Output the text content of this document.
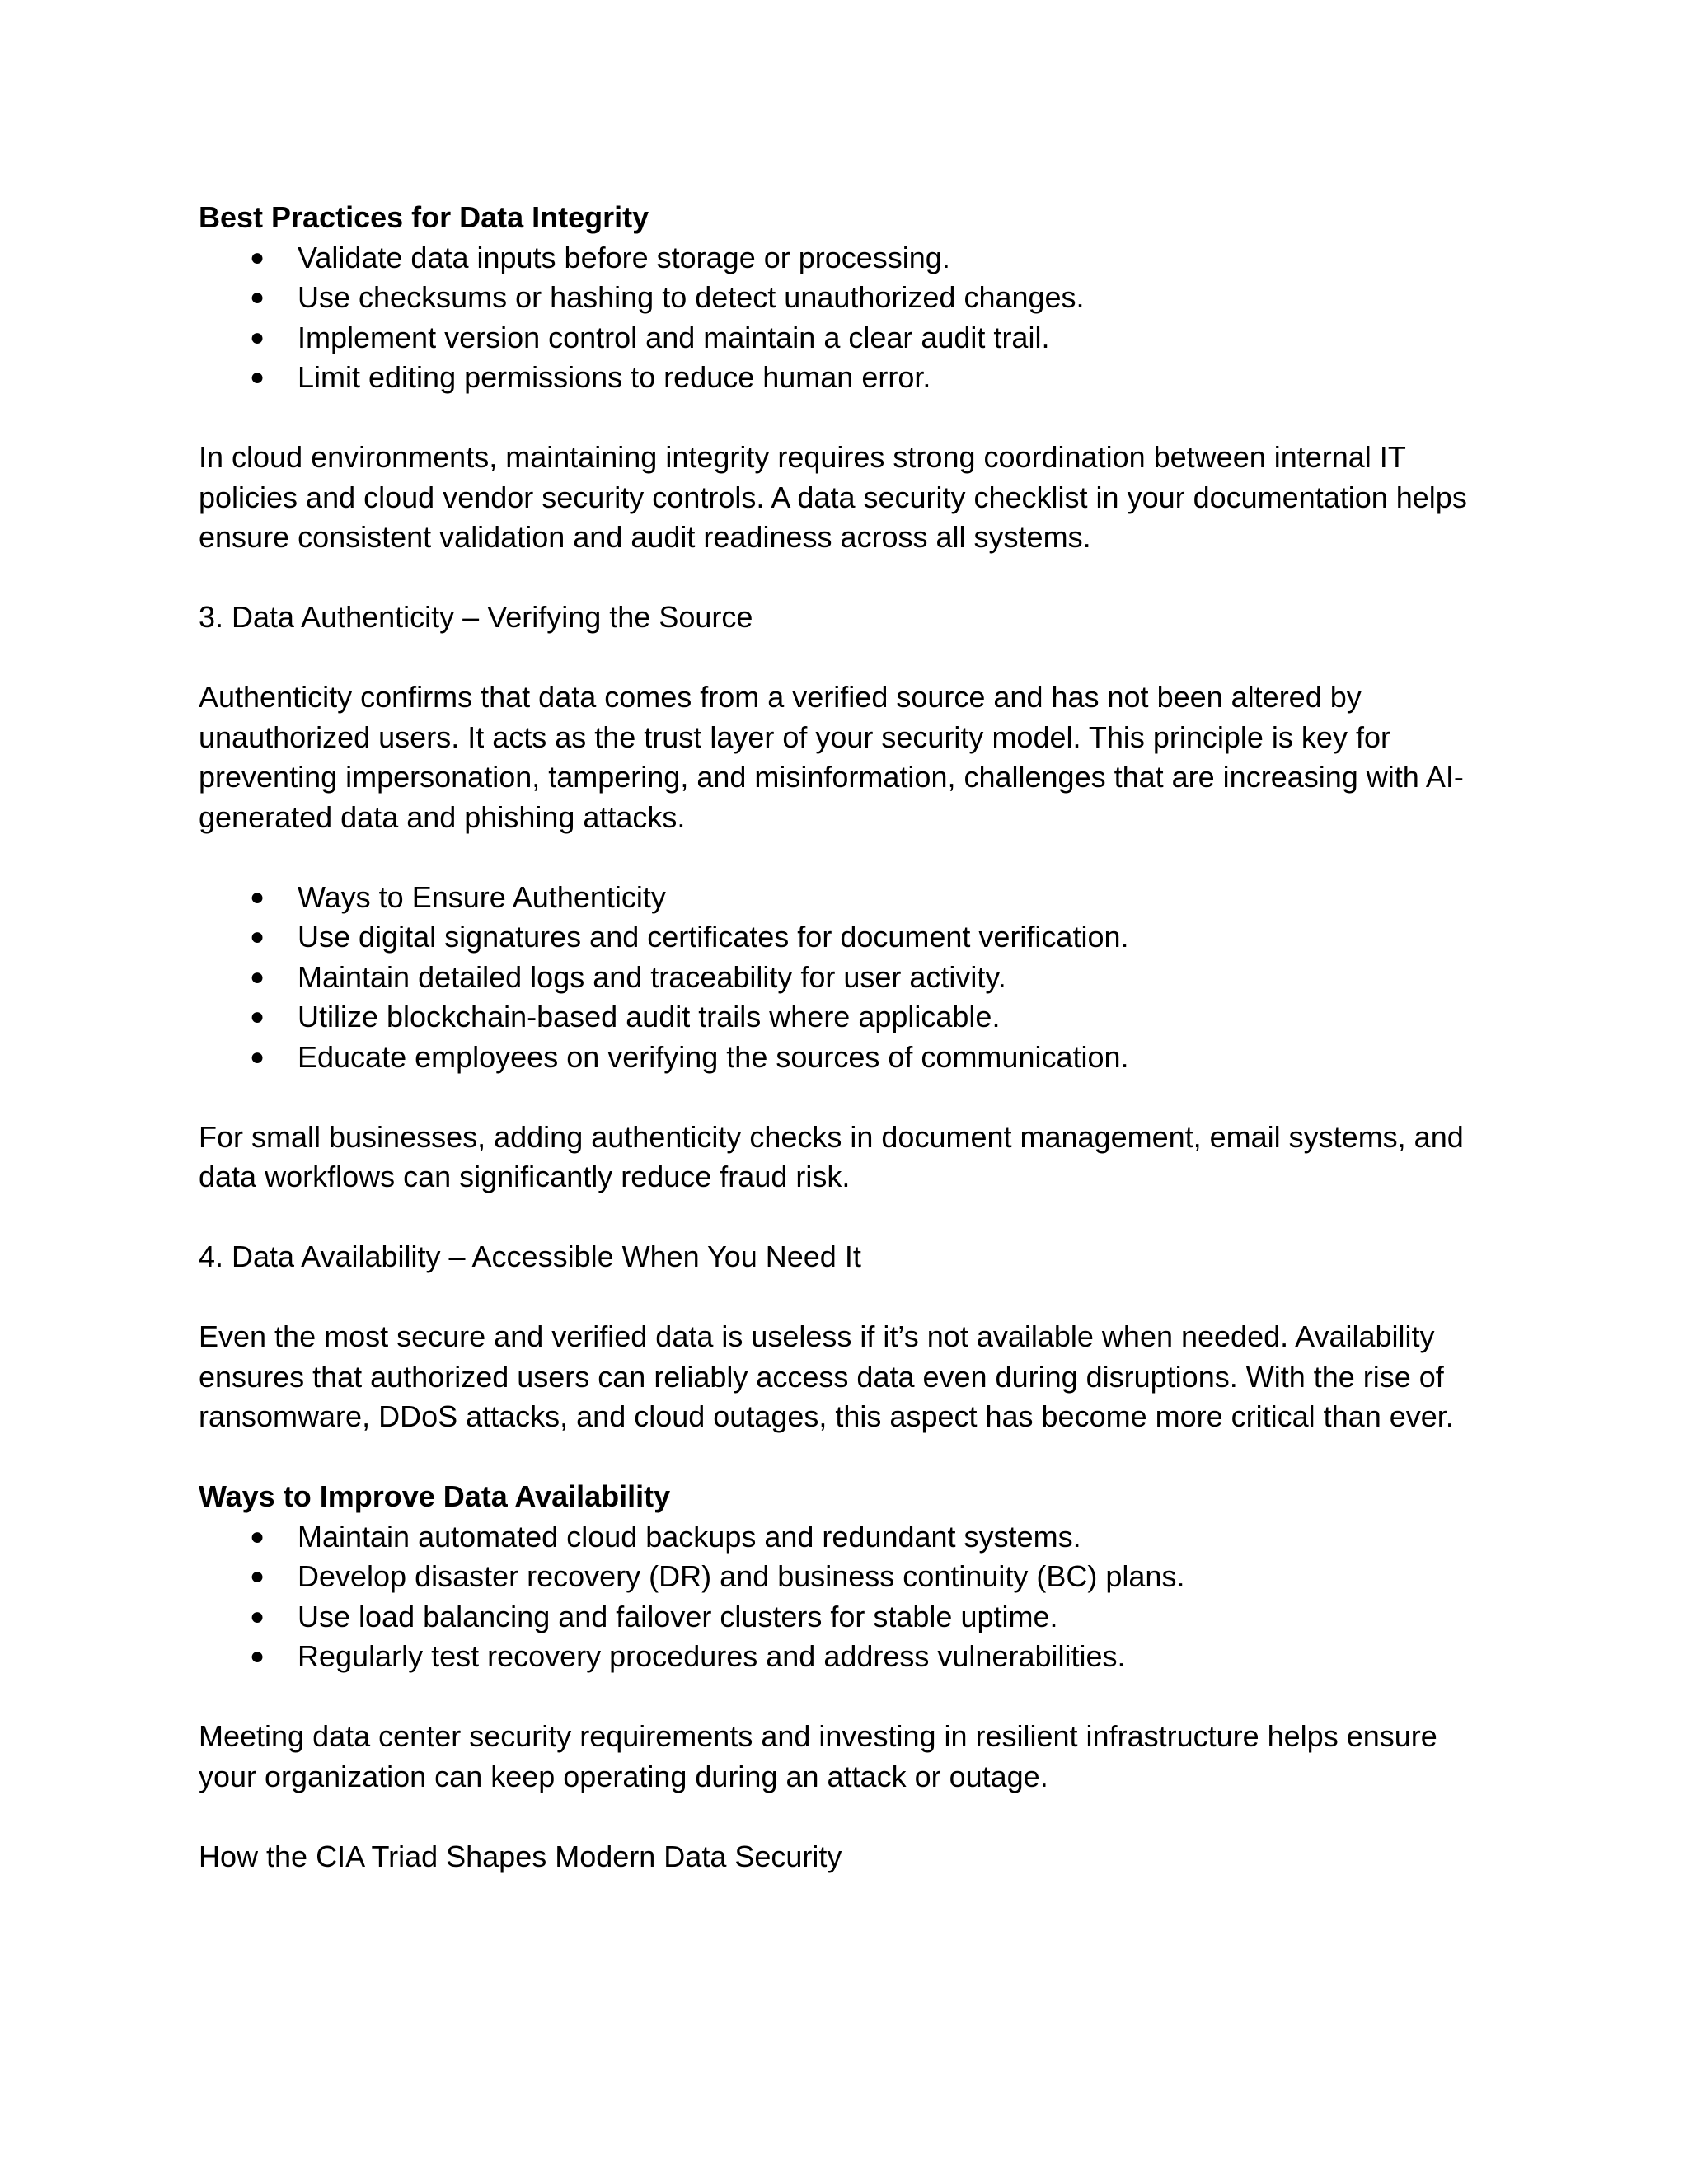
Best Practices for Data Integrity

● Validate data inputs before storage or processing.
● Use checksums or hashing to detect unauthorized changes.
● Implement version control and maintain a clear audit trail.
● Limit editing permissions to reduce human error.

In cloud environments, maintaining integrity requires strong coordination between internal IT policies and cloud vendor security controls. A data security checklist in your documentation helps ensure consistent validation and audit readiness across all systems.

3. Data Authenticity – Verifying the Source

Authenticity confirms that data comes from a verified source and has not been altered by unauthorized users. It acts as the trust layer of your security model. This principle is key for preventing impersonation, tampering, and misinformation, challenges that are increasing with AI-generated data and phishing attacks.

● Ways to Ensure Authenticity
● Use digital signatures and certificates for document verification.
● Maintain detailed logs and traceability for user activity.
● Utilize blockchain-based audit trails where applicable.
● Educate employees on verifying the sources of communication.

For small businesses, adding authenticity checks in document management, email systems, and data workflows can significantly reduce fraud risk.

4. Data Availability – Accessible When You Need It

Even the most secure and verified data is useless if it’s not available when needed. Availability ensures that authorized users can reliably access data even during disruptions. With the rise of ransomware, DDoS attacks, and cloud outages, this aspect has become more critical than ever.

Ways to Improve Data Availability

● Maintain automated cloud backups and redundant systems.
● Develop disaster recovery (DR) and business continuity (BC) plans.
● Use load balancing and failover clusters for stable uptime.
● Regularly test recovery procedures and address vulnerabilities.

Meeting data center security requirements and investing in resilient infrastructure helps ensure your organization can keep operating during an attack or outage.

How the CIA Triad Shapes Modern Data Security
